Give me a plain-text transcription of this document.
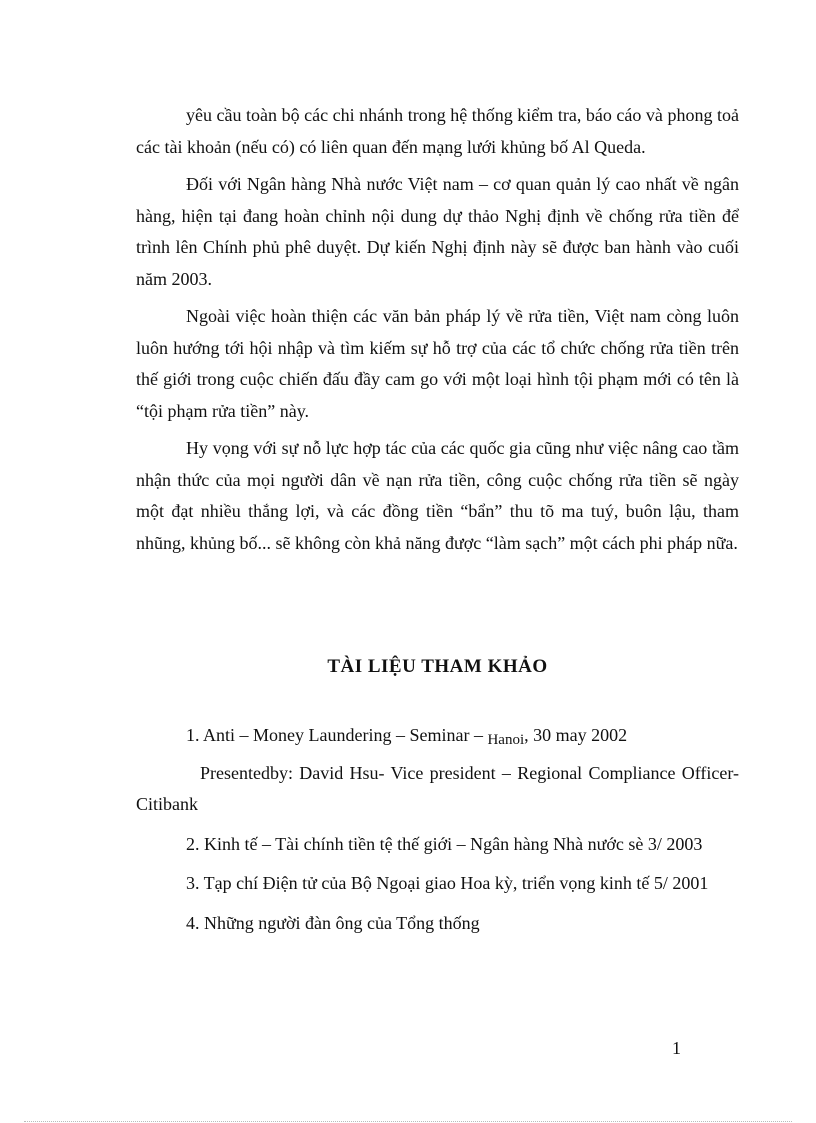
yêu cầu toàn bộ các chi nhánh trong hệ thống kiểm tra, báo cáo và phong toả các tài khoản (nếu có) có liên quan đến mạng lưới khủng bố Al Queda.

Đối với Ngân hàng Nhà nước Việt nam – cơ quan quản lý cao nhất về ngân hàng, hiện tại đang hoàn chỉnh nội dung dự thảo Nghị định về chống rửa tiền để trình lên Chính phủ phê duyệt. Dự kiến Nghị định này sẽ được ban hành vào cuối năm 2003.

Ngoài việc hoàn thiện các văn bản pháp lý về rửa tiền, Việt nam còng luôn luôn hướng tới hội nhập và tìm kiếm sự hỗ trợ của các tổ chức chống rửa tiền trên thế giới trong cuộc chiến đấu đầy cam go với một loại hình tội phạm mới có tên là “tội phạm rửa tiền” này.

Hy vọng với sự nỗ lực hợp tác của các quốc gia cũng như việc nâng cao tầm nhận thức của mọi người dân về nạn rửa tiền, công cuộc chống rửa tiền sẽ ngày một đạt nhiều thắng lợi, và các đồng tiền “bẩn” thu tõ ma tuý, buôn lậu, tham nhũng, khủng bố... sẽ không còn khả năng được “làm sạch” một cách phi pháp nữa.

TÀI LIỆU THAM KHẢO

1. Anti – Money Laundering – Seminar – Hanoi, 30 may 2002

Presentedby: David Hsu- Vice president – Regional Compliance Officer- Citibank

2. Kinh tế – Tài chính tiền tệ thế giới – Ngân hàng Nhà nước sè 3/ 2003

3. Tạp chí Điện tử của Bộ Ngoại giao Hoa kỳ, triển vọng kinh tế 5/ 2001

4. Những người đàn ông của Tổng thống

1
